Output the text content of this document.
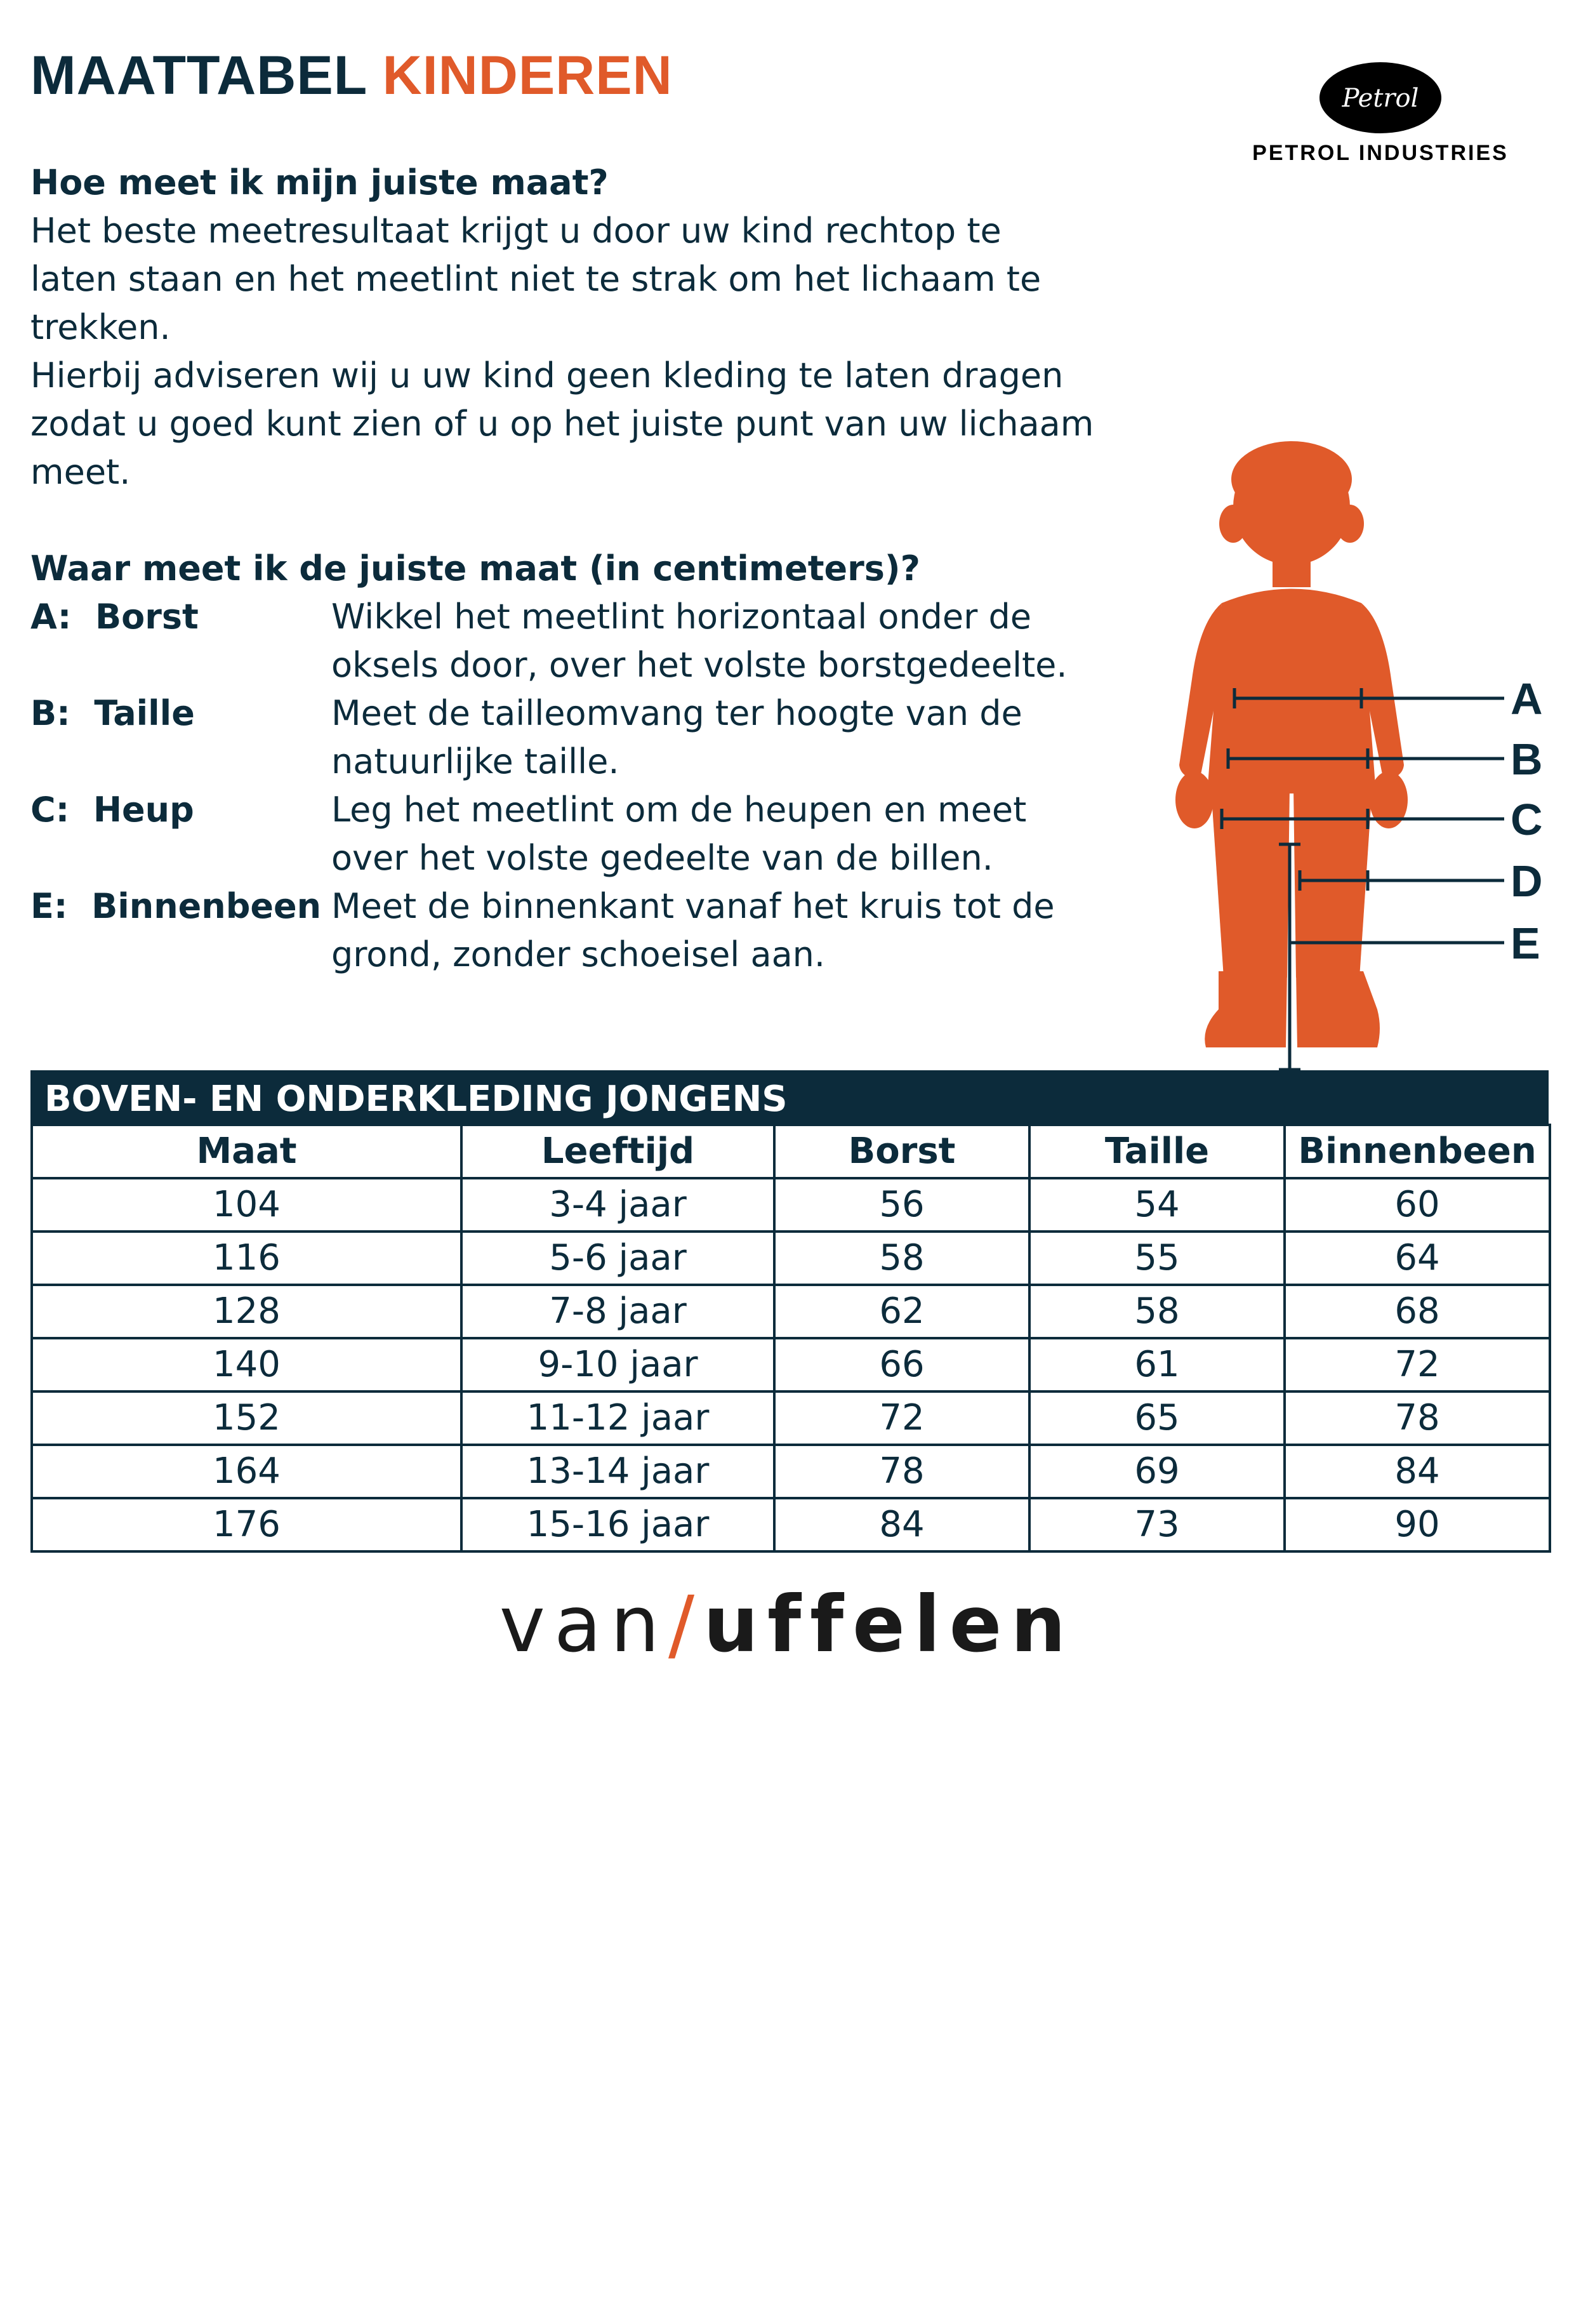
MAATTABEL KINDEREN	Petrol
PETROL INDUSTRIES
Hoe meet ik mijn juiste maat?

Het beste meetresultaat krijgt u door uw kind rechtop te

laten staan en het meetlint niet te strak om het lichaam te

trekken.

Hierbij adviseren wij u uw kind geen kleding te laten dragen

zodat u goed kunt zien of u op het juiste punt van uw lichaam

meet.

Waar meet ik de juiste maat (in centimeters)?
A:  Borst	Wikkel het meetlint horizontaal onder de
oksels door, over het volste borstgedeelte.
B:  Taille	Meet de tailleomvang ter hoogte van de
natuurlijke taille.
C:  Heup	Leg het meetlint om de heupen en meet
over het volste gedeelte van de billen.
E:  Binnenbeen Meet de binnenkant vanaf het kruis tot de
grond, zonder schoeisel aan.
A
B
C
D
E
BOVEN- EN ONDERKLEDING JONGENS
Maat	Leeftijd	Borst	Taille	Binnenbeen
104	3-4 jaar	56	54	60
116	5-6 jaar	58	55	64
128	7-8 jaar	62	58	68
140	9-10 jaar	66	61	72
152	11-12 jaar	72	65	78
164	13-14 jaar	78	69	84
176	15-16 jaar	84	73	90
van/uffelen
